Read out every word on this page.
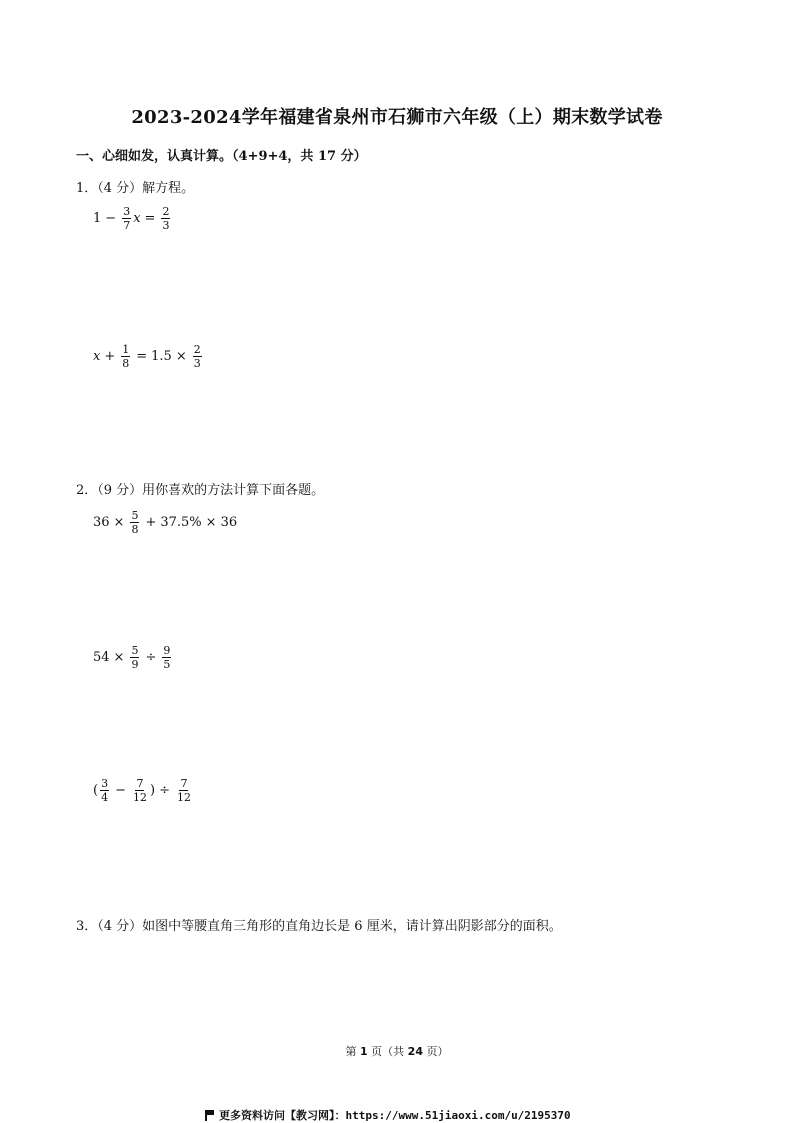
2023-2024学年福建省泉州市石狮市六年级（上）期末数学试卷
一、心细如发，认真计算。（4+9+4，共 17 分）
1．（4 分）解方程。
$1 - \frac{3}{7}$ $x = \frac{2}{3}$
$x + \frac{1}{8} = 1.5 \times \frac{2}{3}$
2．（9 分）用你喜欢的方法计算下面各题。
$36 \times \frac{5}{8} + 37.5\% \times 36$
$54 \times \frac{5}{9} \div \frac{9}{5}$
( $\frac{3}{4} - \frac{7}{12}$ ) ÷ $\frac{7}{12}$
3．（4 分）如图中等腰直角三角形的直角边长是 6 厘米，请计算出阴影部分的面积。
第 1 页（共 24 页）
更多资料访问【教习网】：https://www.51jiaoxi.com/u/2195370
